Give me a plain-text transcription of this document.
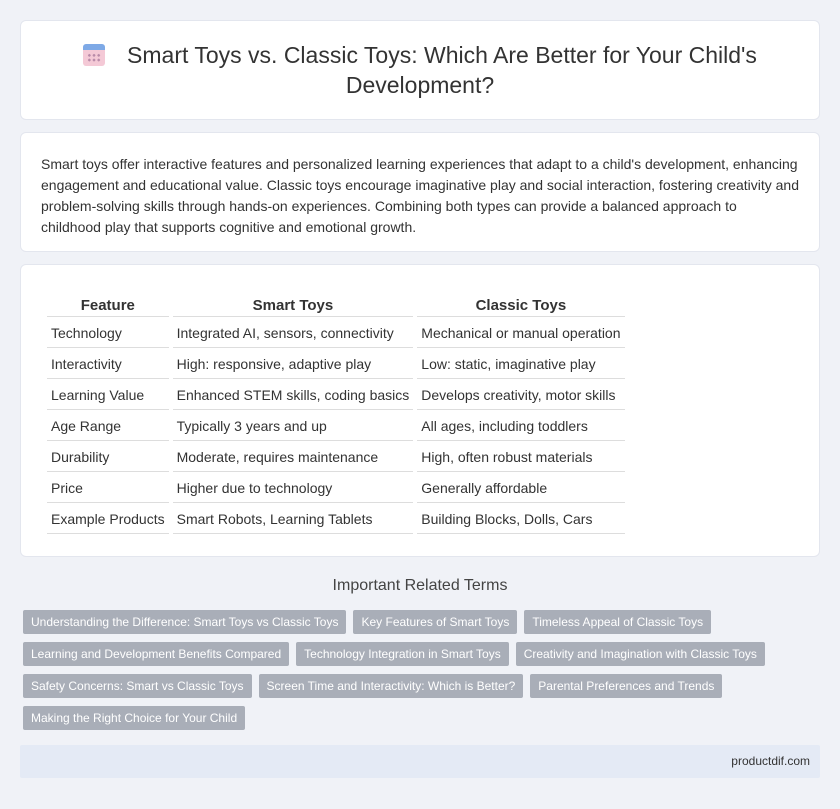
Smart Toys vs. Classic Toys: Which Are Better for Your Child's Development?

Smart toys offer interactive features and personalized learning experiences that adapt to a child's development, enhancing engagement and educational value. Classic toys encourage imaginative play and social interaction, fostering creativity and problem-solving skills through hands-on experiences. Combining both types can provide a balanced approach to childhood play that supports cognitive and emotional growth.

Feature	Smart Toys	Classic Toys
Technology	Integrated AI, sensors, connectivity	Mechanical or manual operation
Interactivity	High: responsive, adaptive play	Low: static, imaginative play
Learning Value	Enhanced STEM skills, coding basics	Develops creativity, motor skills
Age Range	Typically 3 years and up	All ages, including toddlers
Durability	Moderate, requires maintenance	High, often robust materials
Price	Higher due to technology	Generally affordable
Example Products	Smart Robots, Learning Tablets	Building Blocks, Dolls, Cars
Important Related Terms
Understanding the Difference: Smart Toys vs Classic Toys	Key Features of Smart Toys	Timeless Appeal of Classic Toys
Learning and Development Benefits Compared	Technology Integration in Smart Toys	Creativity and Imagination with Classic Toys
Safety Concerns: Smart vs Classic Toys	Screen Time and Interactivity: Which is Better?	Parental Preferences and Trends
Making the Right Choice for Your Child
productdif.com
